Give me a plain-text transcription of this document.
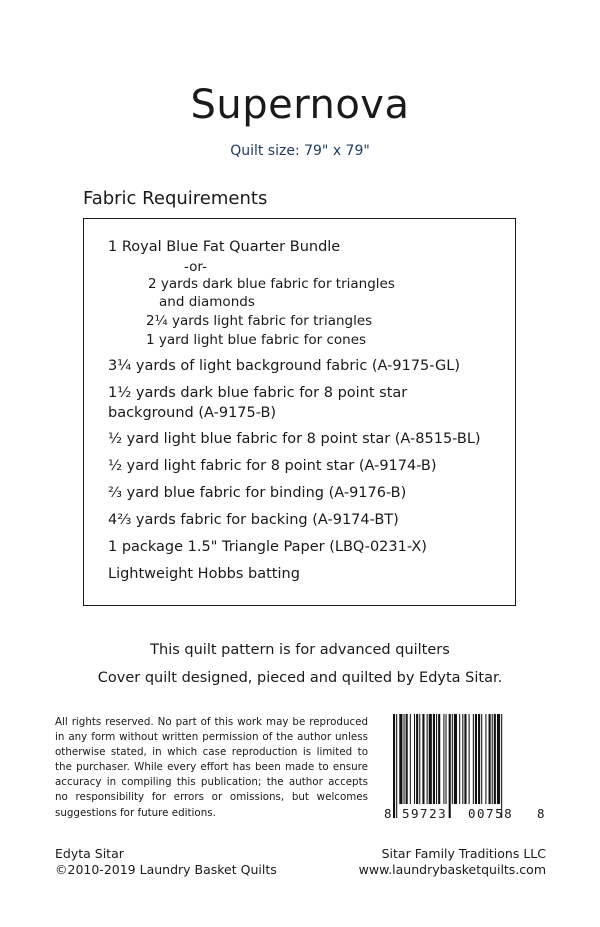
Supernova
Quilt size: 79" x 79"
Fabric Requirements
1 Royal Blue Fat Quarter Bundle
-or-
2 yards dark blue fabric for triangles
and diamonds
2¼ yards light fabric for triangles
1 yard light blue fabric for cones
3¼ yards of light background fabric (A-9175-GL)
1½ yards dark blue fabric for 8 point star
background (A-9175-B)
½ yard light blue fabric for 8 point star (A-8515-BL)
½ yard light fabric for 8 point star (A-9174-B)
⅔ yard blue fabric for binding (A-9176-B)
4⅔ yards fabric for backing (A-9174-BT)
1 package 1.5" Triangle Paper (LBQ-0231-X)
Lightweight Hobbs batting
This quilt pattern is for advanced quilters
Cover quilt designed, pieced and quilted by Edyta Sitar.
All rights reserved. No part of this work may be reproduced in any form without written permission of the author unless otherwise stated, in which case reproduction is limited to the purchaser. While every effort has been made to ensure accuracy in compiling this publication; the author accepts no responsibility for errors or omissions, but welcomes suggestions for future editions.	8 59723 00758 8
Edyta Sitar
©2010-2019 Laundry Basket Quilts
Sitar Family Traditions LLC
www.laundrybasketquilts.com
